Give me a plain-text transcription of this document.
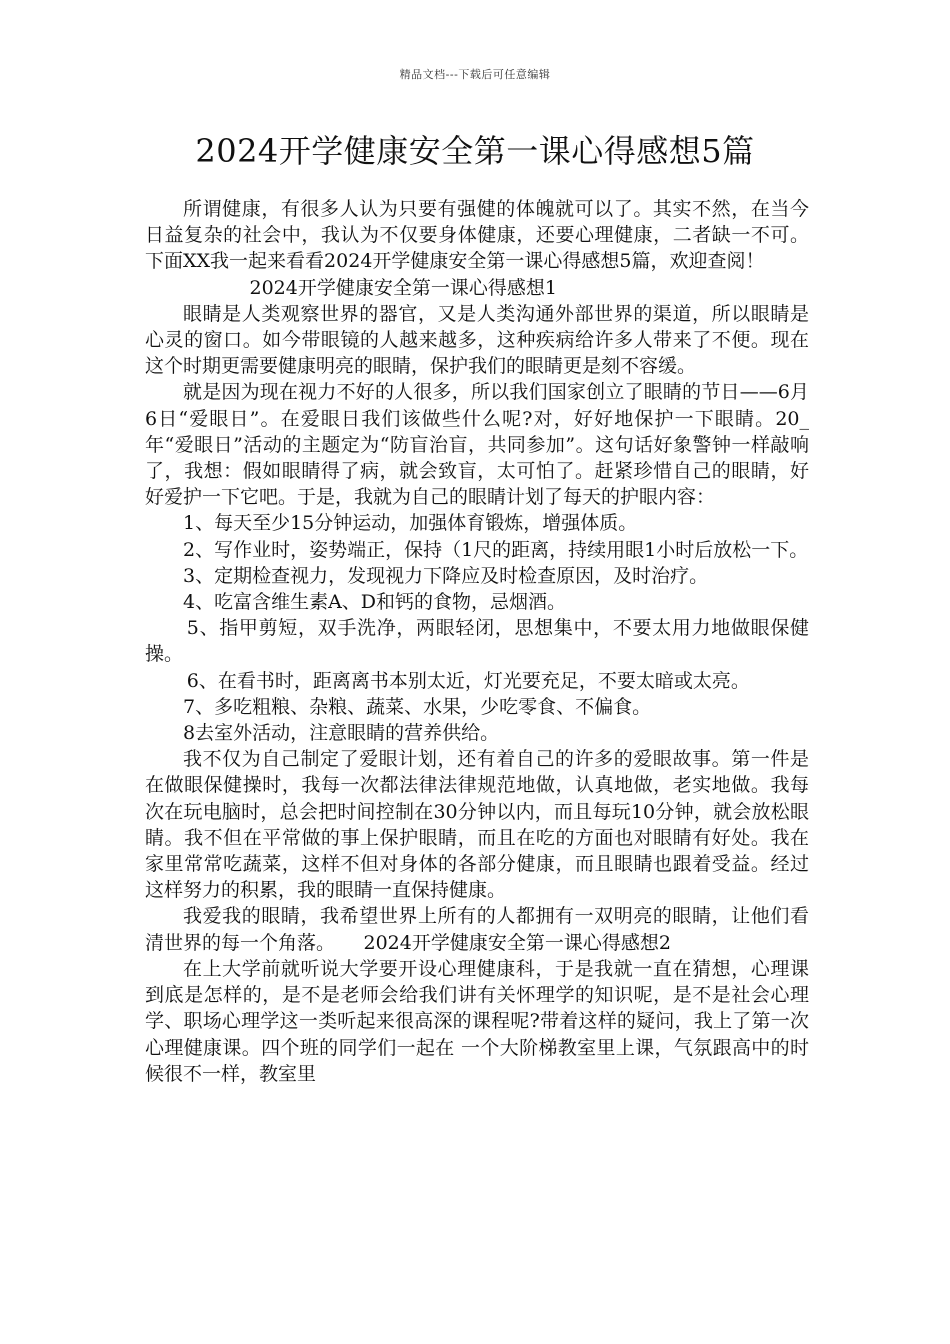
精品文档---下载后可任意编辑
2024开学健康安全第一课心得感想5篇

所谓健康，有很多人认为只要有强健的体魄就可以了。其实不然，在当今日益复杂的社会中，我认为不仅要身体健康，还要心理健康，二者缺一不可。下面XX我一起来看看2024开学健康安全第一课心得感想5篇，欢迎查阅！

2024开学健康安全第一课心得感想1

眼睛是人类观察世界的器官，又是人类沟通外部世界的渠道，所以眼睛是心灵的窗口。如今带眼镜的人越来越多，这种疾病给许多人带来了不便。现在这个时期更需要健康明亮的眼睛，保护我们的眼睛更是刻不容缓。

就是因为现在视力不好的人很多，所以我们国家创立了眼睛的节日——6月6日“爱眼日”。在爱眼日我们该做些什么呢?对，好好地保护一下眼睛。20_年“爱眼日”活动的主题定为“防盲治盲，共同参加”。这句话好象警钟一样敲响了，我想：假如眼睛得了病，就会致盲，太可怕了。赶紧珍惜自己的眼睛，好好爱护一下它吧。于是，我就为自己的眼睛计划了每天的护眼内容：

1、每天至少15分钟运动，加强体育锻炼，增强体质。

2、写作业时，姿势端正，保持（1尺的距离，持续用眼1小时后放松一下。

3、定期检查视力，发现视力下降应及时检查原因，及时治疗。

4、吃富含维生素A、D和钙的食物，忌烟酒。

5、指甲剪短，双手洗净，两眼轻闭，思想集中，不要太用力地做眼保健操。

6、在看书时，距离离书本别太近，灯光要充足，不要太暗或太亮。

7、多吃粗粮、杂粮、蔬菜、水果，少吃零食、不偏食。

8去室外活动，注意眼睛的营养供给。

我不仅为自己制定了爱眼计划，还有着自己的许多的爱眼故事。第一件是在做眼保健操时，我每一次都法律法律规范地做，认真地做，老实地做。我每次在玩电脑时，总会把时间控制在30分钟以内，而且每玩10分钟，就会放松眼睛。我不但在平常做的事上保护眼睛，而且在吃的方面也对眼睛有好处。我在家里常常吃蔬菜，这样不但对身体的各部分健康，而且眼睛也跟着受益。经过这样努力的积累，我的眼睛一直保持健康。

我爱我的眼睛，我希望世界上所有的人都拥有一双明亮的眼睛，让他们看清世界的每一个角落。　　2024开学健康安全第一课心得感想2

在上大学前就听说大学要开设心理健康科，于是我就一直在猜想，心理课到底是怎样的，是不是老师会给我们讲有关怀理学的知识呢，是不是社会心理学、职场心理学这一类听起来很高深的课程呢?带着这样的疑问，我上了第一次心理健康课。四个班的同学们一起在 一个大阶梯教室里上课，气氛跟高中的时候很不一样，教室里
